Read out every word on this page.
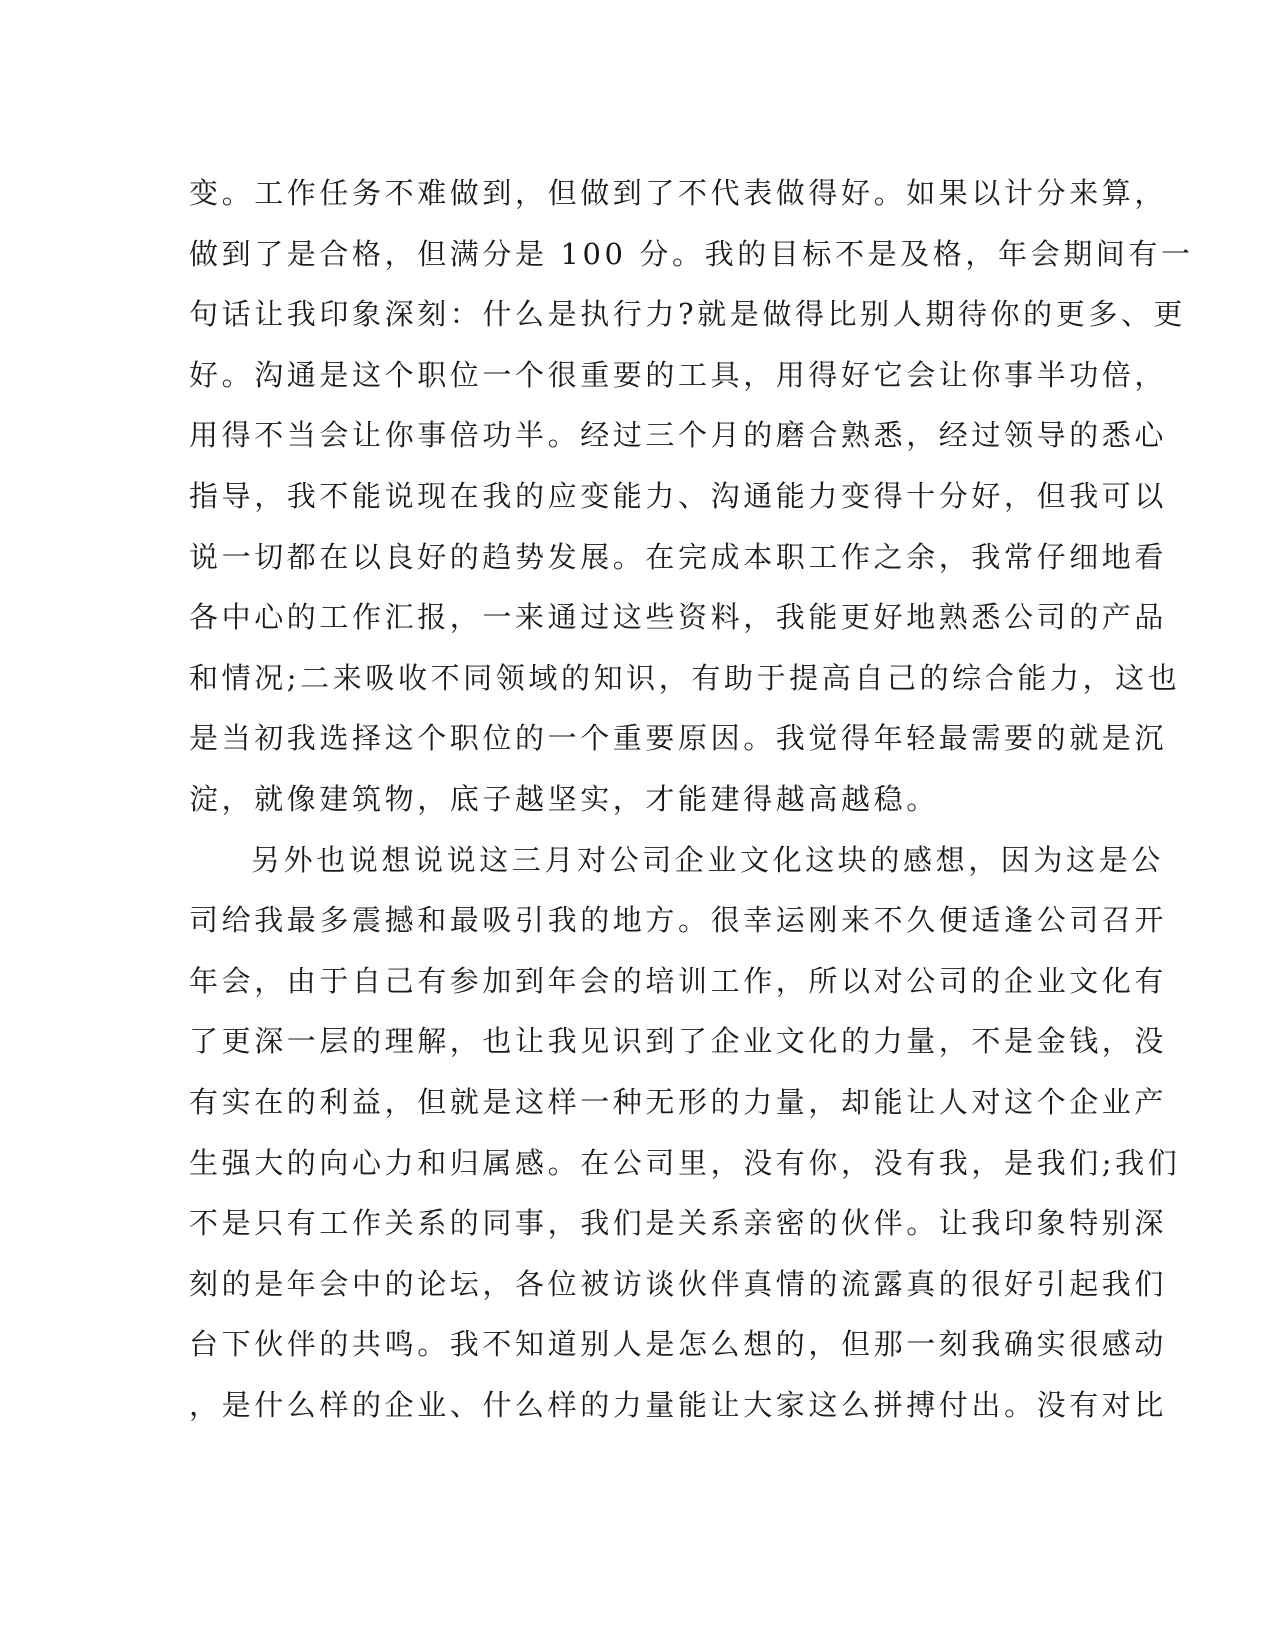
变。工作任务不难做到，但做到了不代表做得好。如果以计分来算，
做到了是合格，但满分是 100 分。我的目标不是及格，年会期间有一
句话让我印象深刻：什么是执行力?就是做得比别人期待你的更多、更
好。沟通是这个职位一个很重要的工具，用得好它会让你事半功倍，
用得不当会让你事倍功半。经过三个月的磨合熟悉，经过领导的悉心
指导，我不能说现在我的应变能力、沟通能力变得十分好，但我可以
说一切都在以良好的趋势发展。在完成本职工作之余，我常仔细地看
各中心的工作汇报，一来通过这些资料，我能更好地熟悉公司的产品
和情况;二来吸收不同领域的知识，有助于提高自己的综合能力，这也
是当初我选择这个职位的一个重要原因。我觉得年轻最需要的就是沉
淀，就像建筑物，底子越坚实，才能建得越高越稳。
另外也说想说说这三月对公司企业文化这块的感想，因为这是公
司给我最多震撼和最吸引我的地方。很幸运刚来不久便适逢公司召开
年会，由于自己有参加到年会的培训工作，所以对公司的企业文化有
了更深一层的理解，也让我见识到了企业文化的力量，不是金钱，没
有实在的利益，但就是这样一种无形的力量，却能让人对这个企业产
生强大的向心力和归属感。在公司里，没有你，没有我，是我们;我们
不是只有工作关系的同事，我们是关系亲密的伙伴。让我印象特别深
刻的是年会中的论坛，各位被访谈伙伴真情的流露真的很好引起我们
台下伙伴的共鸣。我不知道别人是怎么想的，但那一刻我确实很感动
，是什么样的企业、什么样的力量能让大家这么拼搏付出。没有对比
